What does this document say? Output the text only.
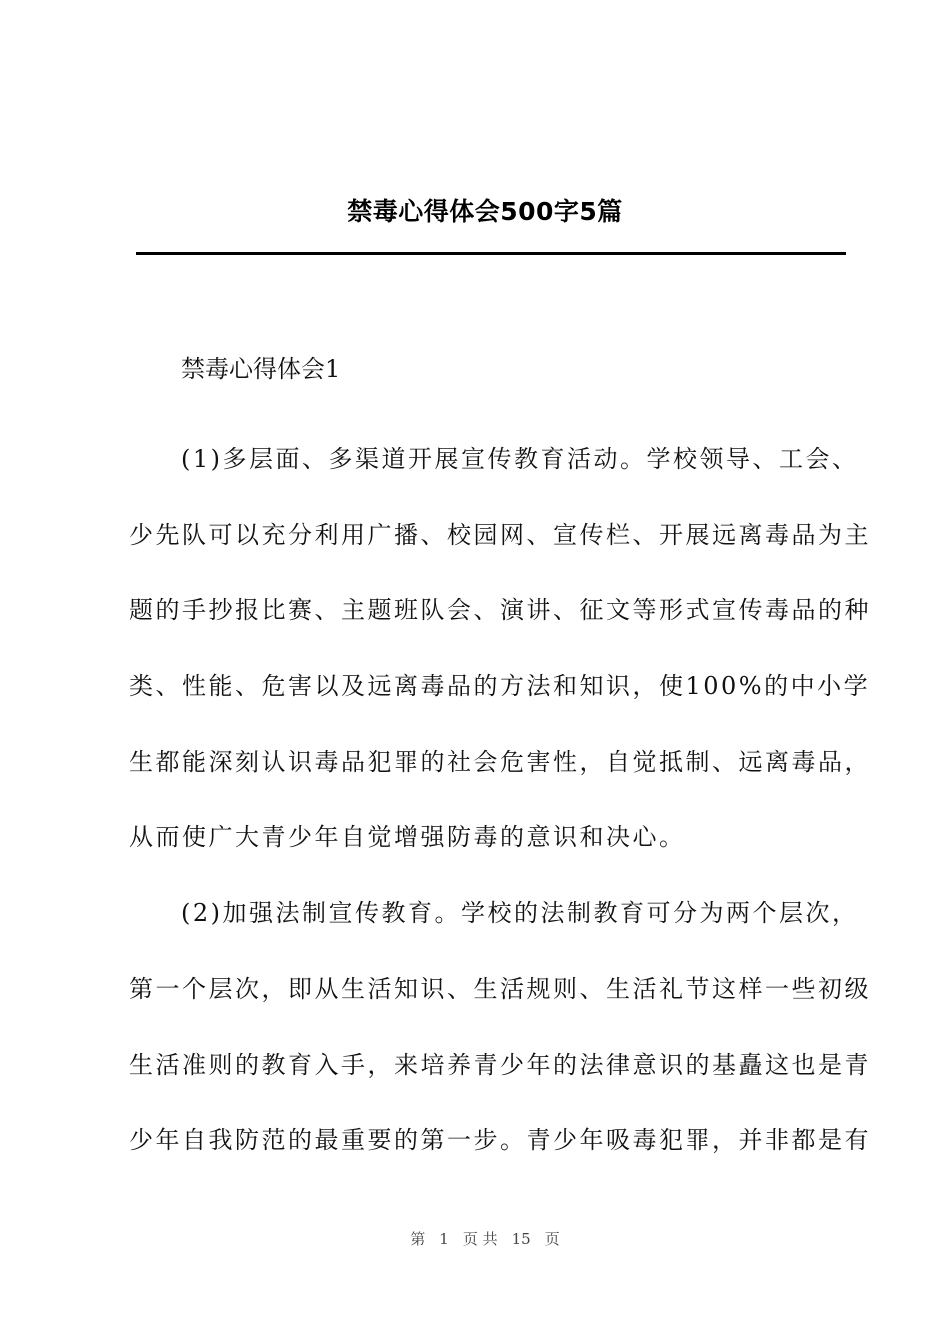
禁毒心得体会500字5篇
禁毒心得体会1
(1)多层面、多渠道开展宣传教育活动。学校领导、工会、
少先队可以充分利用广播、校园网、宣传栏、开展远离毒品为主
题的手抄报比赛、主题班队会、演讲、征文等形式宣传毒品的种
类、性能、危害以及远离毒品的方法和知识，使100%的中小学
生都能深刻认识毒品犯罪的社会危害性，自觉抵制、远离毒品，
从而使广大青少年自觉增强防毒的意识和决心。
(2)加强法制宣传教育。学校的法制教育可分为两个层次，
第一个层次，即从生活知识、生活规则、生活礼节这样一些初级
生活准则的教育入手，来培养青少年的法律意识的基矗这也是青
少年自我防范的最重要的第一步。青少年吸毒犯罪，并非都是有
第 1 页 共 15 页
